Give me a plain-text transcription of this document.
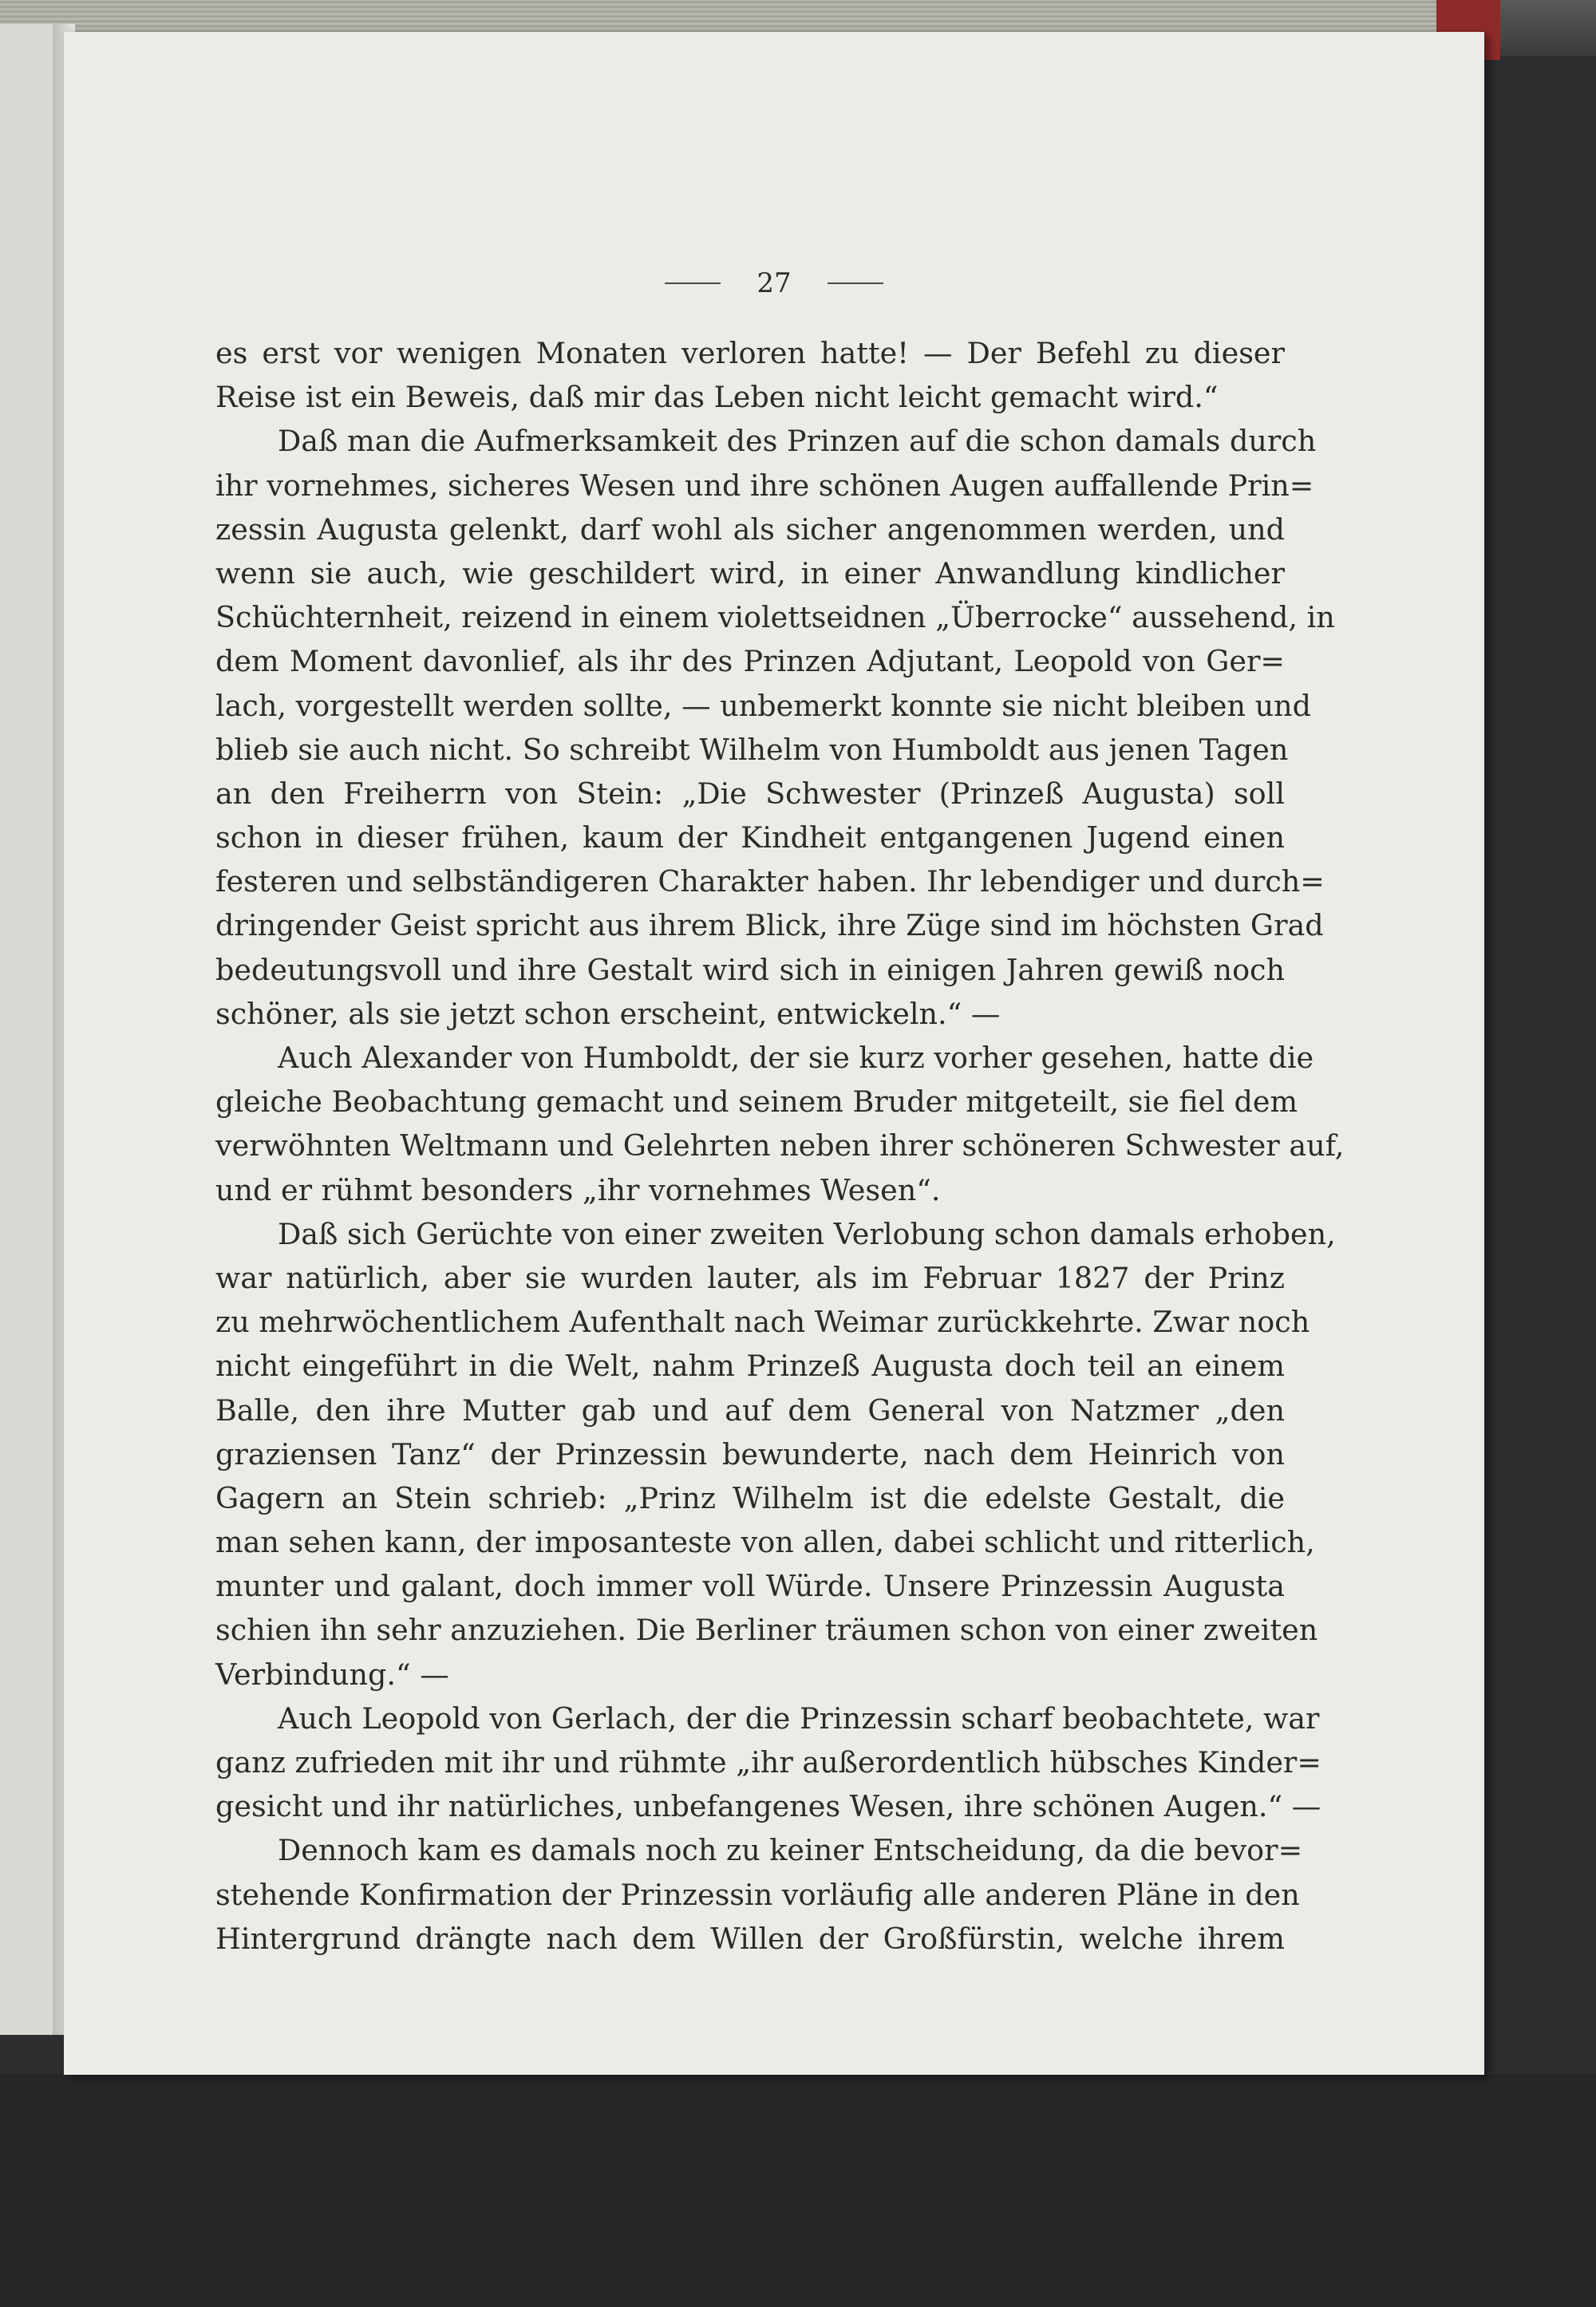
27
es erst vor wenigen Monaten verloren hatte! — Der Befehl zu dieser
Reise ist ein Beweis, daß mir das Leben nicht leicht gemacht wird.“
Daß man die Aufmerksamkeit des Prinzen auf die schon damals durch
ihr vornehmes, sicheres Wesen und ihre schönen Augen auffallende Prin=
zessin Augusta gelenkt, darf wohl als sicher angenommen werden, und
wenn sie auch, wie geschildert wird, in einer Anwandlung kindlicher
Schüchternheit, reizend in einem violettseidnen „Überrocke“ aussehend, in
dem Moment davonlief, als ihr des Prinzen Adjutant, Leopold von Ger=
lach, vorgestellt werden sollte, — unbemerkt konnte sie nicht bleiben und
blieb sie auch nicht. So schreibt Wilhelm von Humboldt aus jenen Tagen
an den Freiherrn von Stein: „Die Schwester (Prinzeß Augusta) soll
schon in dieser frühen, kaum der Kindheit entgangenen Jugend einen
festeren und selbständigeren Charakter haben. Ihr lebendiger und durch=
dringender Geist spricht aus ihrem Blick, ihre Züge sind im höchsten Grad
bedeutungsvoll und ihre Gestalt wird sich in einigen Jahren gewiß noch
schöner, als sie jetzt schon erscheint, entwickeln.“ —
Auch Alexander von Humboldt, der sie kurz vorher gesehen, hatte die
gleiche Beobachtung gemacht und seinem Bruder mitgeteilt, sie fiel dem
verwöhnten Weltmann und Gelehrten neben ihrer schöneren Schwester auf,
und er rühmt besonders „ihr vornehmes Wesen“.
Daß sich Gerüchte von einer zweiten Verlobung schon damals erhoben,
war natürlich, aber sie wurden lauter, als im Februar 1827 der Prinz
zu mehrwöchentlichem Aufenthalt nach Weimar zurückkehrte. Zwar noch
nicht eingeführt in die Welt, nahm Prinzeß Augusta doch teil an einem
Balle, den ihre Mutter gab und auf dem General von Natzmer „den
graziensen Tanz“ der Prinzessin bewunderte, nach dem Heinrich von
Gagern an Stein schrieb: „Prinz Wilhelm ist die edelste Gestalt, die
man sehen kann, der imposanteste von allen, dabei schlicht und ritterlich,
munter und galant, doch immer voll Würde. Unsere Prinzessin Augusta
schien ihn sehr anzuziehen. Die Berliner träumen schon von einer zweiten
Verbindung.“ —
Auch Leopold von Gerlach, der die Prinzessin scharf beobachtete, war
ganz zufrieden mit ihr und rühmte „ihr außerordentlich hübsches Kinder=
gesicht und ihr natürliches, unbefangenes Wesen, ihre schönen Augen.“ —
Dennoch kam es damals noch zu keiner Entscheidung, da die bevor=
stehende Konfirmation der Prinzessin vorläufig alle anderen Pläne in den
Hintergrund drängte nach dem Willen der Großfürstin, welche ihrem
